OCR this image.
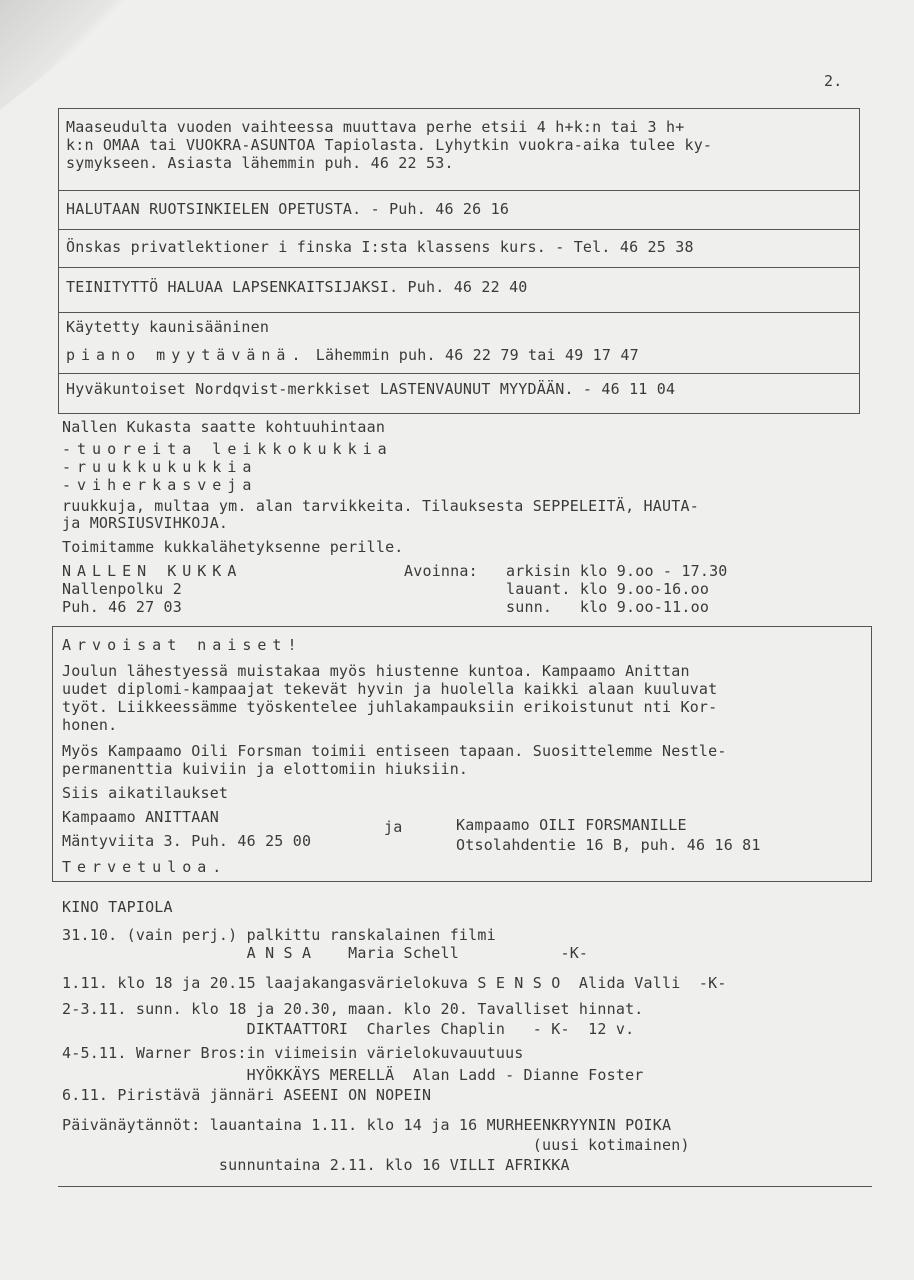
2.
Maaseudulta vuoden vaihteessa muuttava perhe etsii 4 h+k:n tai 3 h+
k:n OMAA tai VUOKRA-ASUNTOA Tapiolasta. Lyhytkin vuokra-aika tulee ky-
symykseen. Asiasta lähemmin puh. 46 22 53.
HALUTAAN RUOTSINKIELEN OPETUSTA. - Puh. 46 26 16
Önskas privatlektioner i finska I:sta klassens kurs. - Tel. 46 25 38
TEINITYTTÖ HALUAA LAPSENKAITSIJAKSI. Puh. 46 22 40
Käytetty kaunisääninen
piano myytävänä. Lähemmin puh. 46 22 79 tai 49 17 47
Hyväkuntoiset Nordqvist-merkkiset LASTENVAUNUT MYYDÄÄN. - 46 11 04
Nallen Kukasta saatte kohtuuhintaan
-tuoreita leikkokukkia
-ruukkukukkia
-viherkasveja
ruukkuja, multaa ym. alan tarvikkeita. Tilauksesta SEPPELEITÄ, HAUTA-
ja MORSIUSVIHKOJA.
Toimitamme kukkalähetyksenne perille.
NALLEN KUKKA
Nallenpolku 2
Puh. 46 27 03
Avoinna: arkisin klo 9.oo - 17.30
lauant. klo 9.oo-16.oo
sunn.   klo 9.oo-11.oo
Arvoisat naiset!
Joulun lähestyessä muistakaa myös hiustenne kuntoa. Kampaamo Anittan
uudet diplomi-kampaajat tekevät hyvin ja huolella kaikki alaan kuuluvat
työt. Liikkeessämme työskentelee juhlakampauksiin erikoistunut nti Kor-
honen.
Myös Kampaamo Oili Forsman toimii entiseen tapaan. Suosittelemme Nestle-
permanenttia kuiviin ja elottomiin hiuksiin.
Siis aikatilaukset
Kampaamo ANITTAAN
Mäntyviita 3. Puh. 46 25 00
ja	Kampaamo OILI FORSMANILLE
Otsolahdentie 16 B, puh. 46 16 81
Tervetuloa.
KINO TAPIOLA
31.10. (vain perj.) palkittu ranskalainen filmi
A N S A    Maria Schell           -K-
1.11. klo 18 ja 20.15 laajakangasvärielokuva S E N S O  Alida Valli  -K-
2-3.11. sunn. klo 18 ja 20.30, maan. klo 20. Tavalliset hinnat.
DIKTAATTORI  Charles Chaplin   - K-  12 v.
4-5.11. Warner Bros:in viimeisin värielokuvauutuus
HYÖKKÄYS MERELLÄ  Alan Ladd - Dianne Foster
6.11. Piristävä jännäri ASEENI ON NOPEIN
Päivänäytännöt: lauantaina 1.11. klo 14 ja 16 MURHEENKRYYNIN POIKA
(uusi kotimainen)
sunnuntaina 2.11. klo 16 VILLI AFRIKKA
